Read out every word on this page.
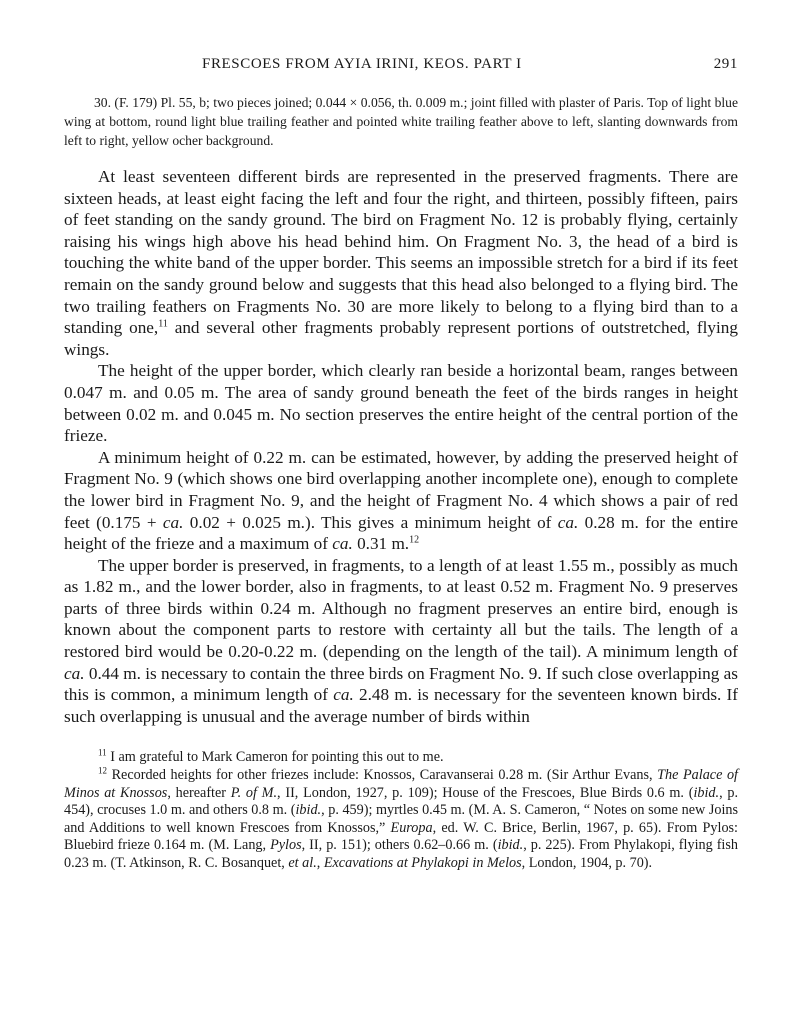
FRESCOES FROM AYIA IRINI, KEOS. PART I	291
30. (F. 179) Pl. 55, b; two pieces joined; 0.044 × 0.056, th. 0.009 m.; joint filled with plaster of Paris. Top of light blue wing at bottom, round light blue trailing feather and pointed white trailing feather above to left, slanting downwards from left to right, yellow ocher background.

At least seventeen different birds are represented in the preserved fragments. There are sixteen heads, at least eight facing the left and four the right, and thirteen, possibly fifteen, pairs of feet standing on the sandy ground. The bird on Fragment No. 12 is probably flying, certainly raising his wings high above his head behind him. On Fragment No. 3, the head of a bird is touching the white band of the upper border. This seems an impossible stretch for a bird if its feet remain on the sandy ground below and suggests that this head also belonged to a flying bird. The two trailing feathers on Fragments No. 30 are more likely to belong to a flying bird than to a standing one,$^{11}$ and several other fragments probably represent portions of outstretched, flying wings.

The height of the upper border, which clearly ran beside a horizontal beam, ranges between 0.047 m. and 0.05 m. The area of sandy ground beneath the feet of the birds ranges in height between 0.02 m. and 0.045 m. No section preserves the entire height of the central portion of the frieze.

A minimum height of 0.22 m. can be estimated, however, by adding the preserved height of Fragment No. 9 (which shows one bird overlapping another incomplete one), enough to complete the lower bird in Fragment No. 9, and the height of Fragment No. 4 which shows a pair of red feet (0.175 + ca. 0.02 + 0.025 m.). This gives a minimum height of ca. 0.28 m. for the entire height of the frieze and a maximum of ca. 0.31 m.$^{12}$

The upper border is preserved, in fragments, to a length of at least 1.55 m., possibly as much as 1.82 m., and the lower border, also in fragments, to at least 0.52 m. Fragment No. 9 preserves parts of three birds within 0.24 m. Although no fragment preserves an entire bird, enough is known about the component parts to restore with certainty all but the tails. The length of a restored bird would be 0.20-0.22 m. (depending on the length of the tail). A minimum length of ca. 0.44 m. is necessary to contain the three birds on Fragment No. 9. If such close overlapping as this is common, a minimum length of ca. 2.48 m. is necessary for the seventeen known birds. If such overlapping is unusual and the average number of birds within

$^{11}$ I am grateful to Mark Cameron for pointing this out to me.
$^{12}$ Recorded heights for other friezes include: Knossos, Caravanserai 0.28 m. (Sir Arthur Evans, The Palace of Minos at Knossos, hereafter P. of M., II, London, 1927, p. 109); House of the Frescoes, Blue Birds 0.6 m. (ibid., p. 454), crocuses 1.0 m. and others 0.8 m. (ibid., p. 459); myrtles 0.45 m. (M. A. S. Cameron, “ Notes on some new Joins and Additions to well known Frescoes from Knossos,” Europa, ed. W. C. Brice, Berlin, 1967, p. 65). From Pylos: Bluebird frieze 0.164 m. (M. Lang, Pylos, II, p. 151); others 0.62–0.66 m. (ibid., p. 225). From Phylakopi, flying fish 0.23 m. (T. Atkinson, R. C. Bosanquet, et al., Excavations at Phylakopi in Melos, London, 1904, p. 70).
